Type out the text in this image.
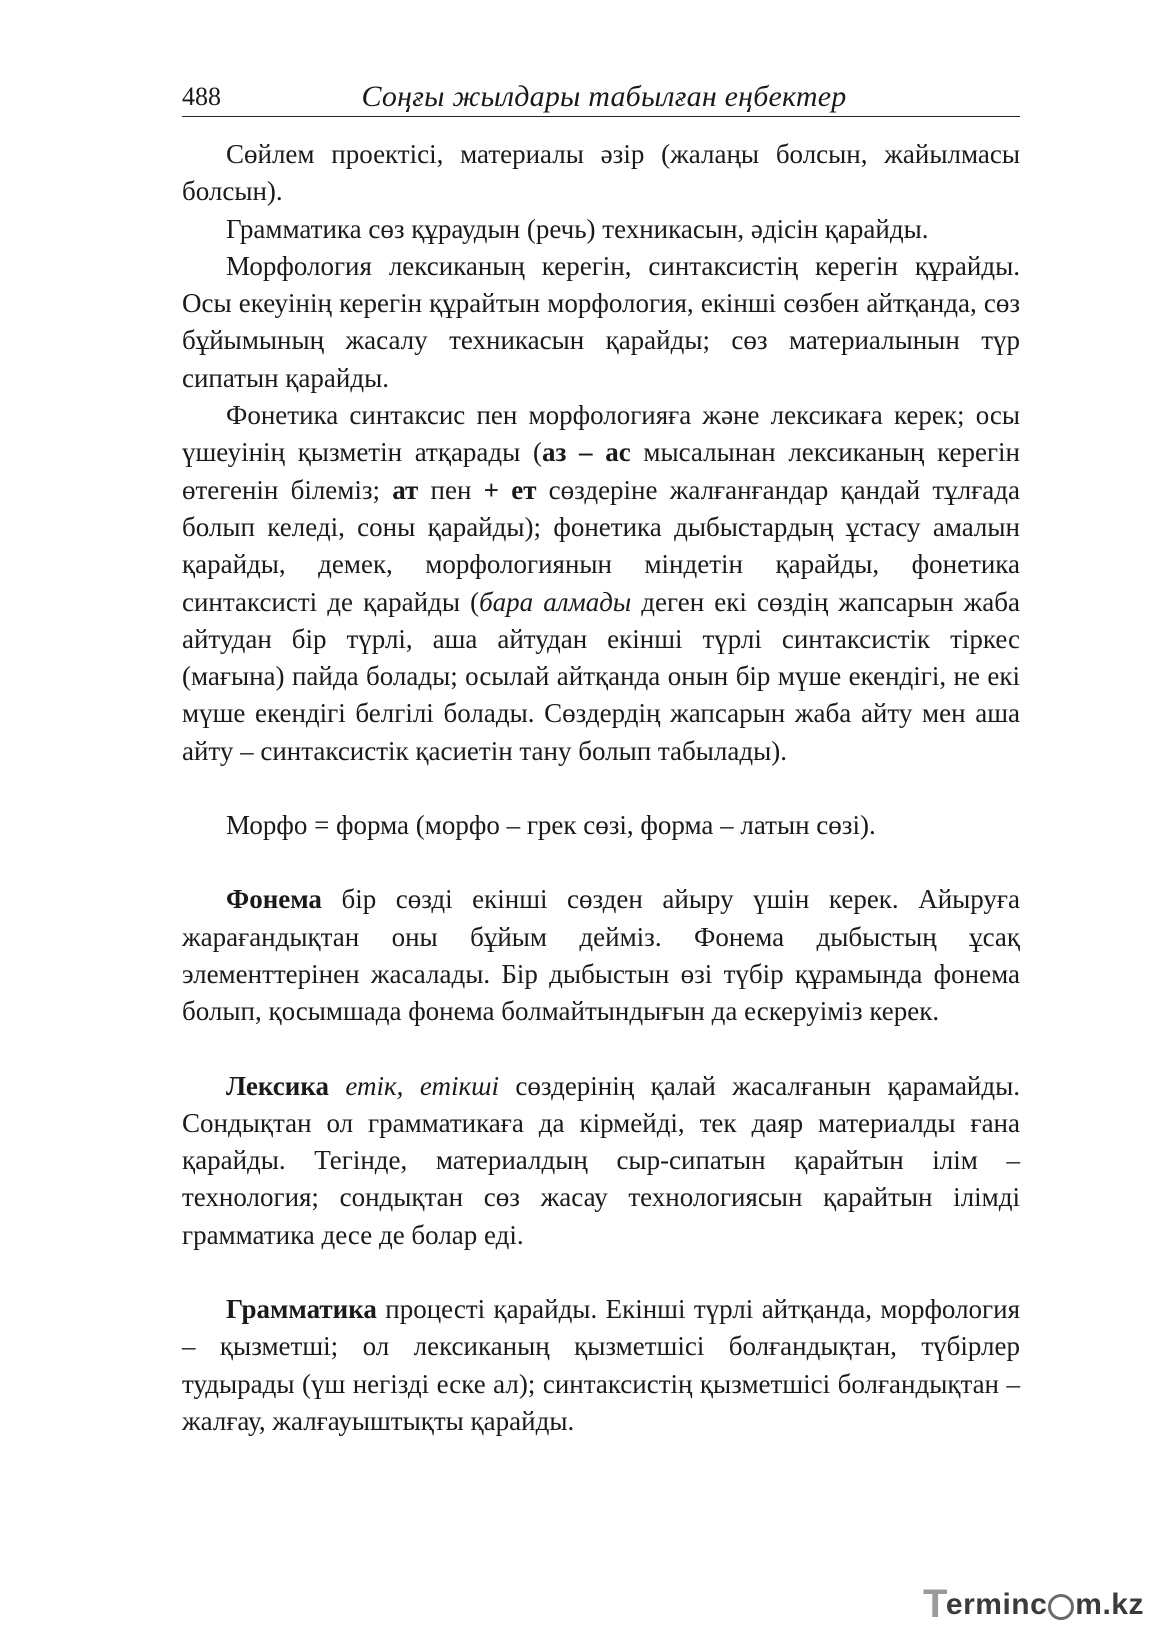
488	Соңғы жылдары табылған еңбектер

Сөйлем проектісі, материалы әзір (жалаңы болсын, жайылмасы болсын).

Грамматика сөз құраудын (речь) техникасын, әдісін қарайды.

Морфология лексиканың керегін, синтаксистің керегін құрайды. Осы екеуінің керегін құрайтын морфология, екінші сөзбен айтқанда, сөз бұйымының жасалу техникасын қарайды; сөз материалынын түр сипатын қарайды.

Фонетика синтаксис пен морфологияға және лексикаға керек; осы үшеуінің қызметін атқарады (аз – ас мысалынан лексиканың керегін өтегенін білеміз; ат пен + ет сөздеріне жалғанғандар қандай тұлғада болып келеді, соны қарайды); фонетика дыбыстардың ұстасу амалын қарайды, демек, морфологиянын міндетін қарайды, фонетика синтаксисті де қарайды (бара алмады деген екі сөздің жапсарын жаба айтудан бір түрлі, аша айтудан екінші түрлі синтаксистік тіркес (мағына) пайда болады; осылай айтқанда онын бір мүше екендігі, не екі мүше екендігі белгілі болады. Сөздердің жапсарын жаба айту мен аша айту – синтаксистік қасиетін тану болып табылады).

Морфо = форма (морфо – грек сөзі, форма – латын сөзі).

Фонема бір сөзді екінші сөзден айыру үшін керек. Айыруға жарағандықтан оны бұйым дейміз. Фонема дыбыстың ұсақ элементтерінен жасалады. Бір дыбыстын өзі түбір құрамында фонема болып, қосымшада фонема болмайтындығын да ескеруіміз керек.

Лексика етік, етікші сөздерінің қалай жасалғанын қарамайды. Сондықтан ол грамматикаға да кірмейді, тек даяр материалды ғана қарайды. Тегінде, материалдың сыр-сипатын қарайтын ілім – технология; сондықтан сөз жасау технологиясын қарайтын ілімді грамматика десе де болар еді.

Грамматика процесті қарайды. Екінші түрлі айтқанда, морфология – қызметші; ол лексиканың қызметшісі болғандықтан, түбірлер тудырады (үш негізді еске ал); синтаксистің қызметшісі болғандықтан – жалғау, жалғауыштықты қарайды.

T
erminc m.kz
